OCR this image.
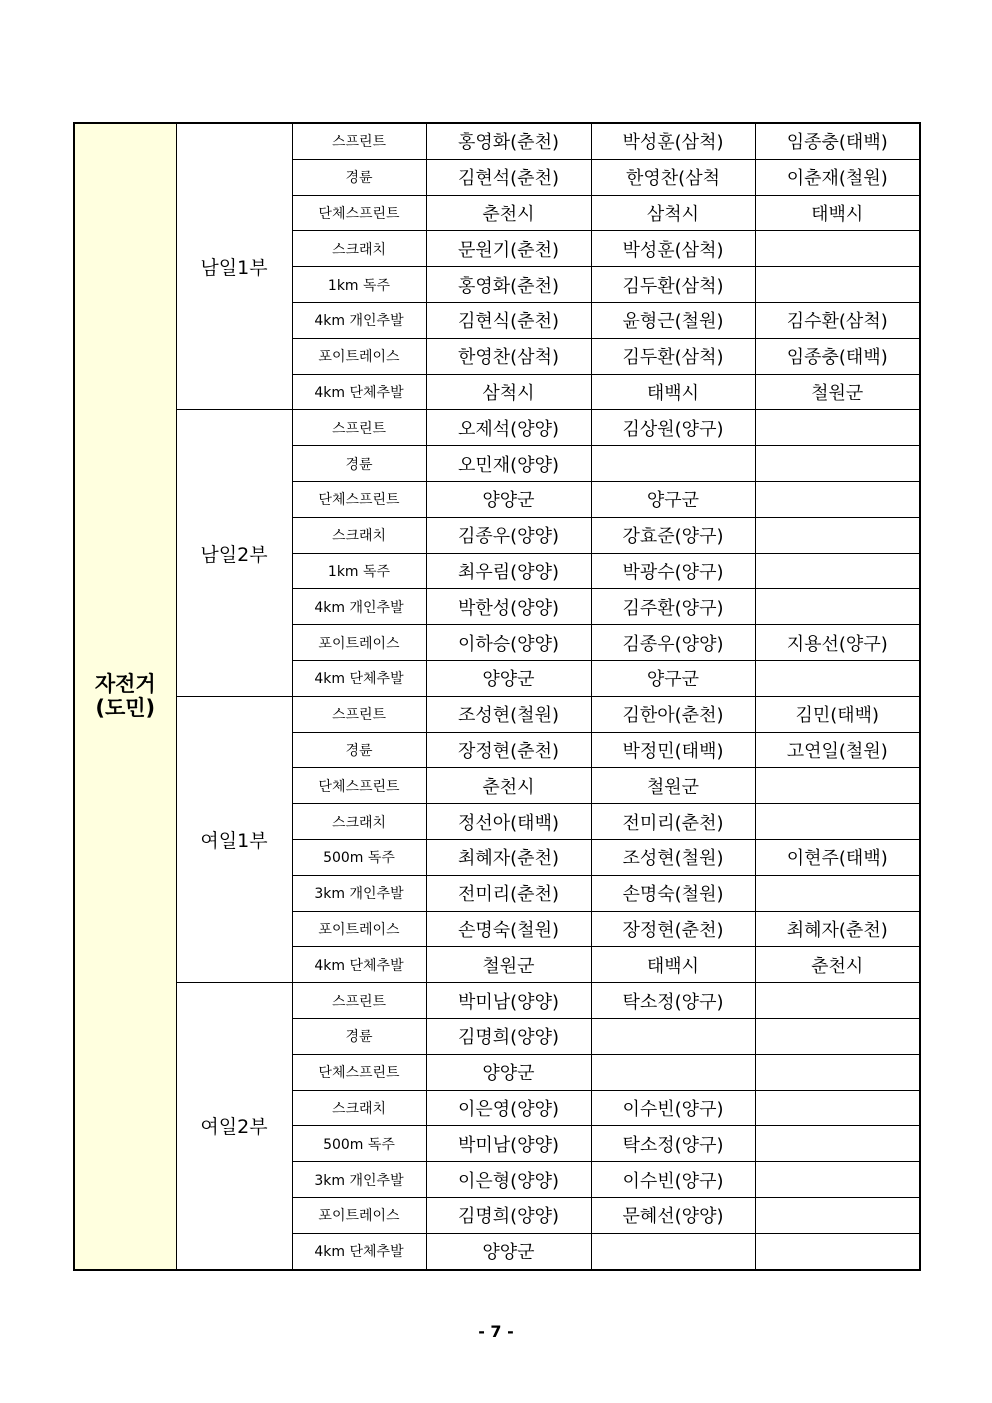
자전거
(도민)	남일1부	스프린트	홍영화(춘천)	박성훈(삼척)	임종충(태백)
		경륜	김현석(춘천)	한영찬(삼척	이춘재(철원)
		단체스프린트	춘천시	삼척시	태백시
		스크래치	문원기(춘천)	박성훈(삼척)	
		1km 독주	홍영화(춘천)	김두환(삼척)	
		4km 개인추발	김현식(춘천)	윤형근(철원)	김수환(삼척)
		포이트레이스	한영찬(삼척)	김두환(삼척)	임종충(태백)
		4km 단체추발	삼척시	태백시	철원군
	남일2부	스프린트	오제석(양양)	김상원(양구)	
		경륜	오민재(양양)		
		단체스프린트	양양군	양구군	
		스크래치	김종우(양양)	강효준(양구)	
		1km 독주	최우림(양양)	박광수(양구)	
		4km 개인추발	박한성(양양)	김주환(양구)	
		포이트레이스	이하승(양양)	김종우(양양)	지용선(양구)
		4km 단체추발	양양군	양구군	
	여일1부	스프린트	조성현(철원)	김한아(춘천)	김민(태백)
		경륜	장정현(춘천)	박정민(태백)	고연일(철원)
		단체스프린트	춘천시	철원군	
		스크래치	정선아(태백)	전미리(춘천)	
		500m 독주	최혜자(춘천)	조성현(철원)	이현주(태백)
		3km 개인추발	전미리(춘천)	손명숙(철원)	
		포이트레이스	손명숙(철원)	장정현(춘천)	최혜자(춘천)
		4km 단체추발	철원군	태백시	춘천시
	여일2부	스프린트	박미남(양양)	탁소정(양구)	
		경륜	김명희(양양)		
		단체스프린트	양양군		
		스크래치	이은영(양양)	이수빈(양구)	
		500m 독주	박미남(양양)	탁소정(양구)	
		3km 개인추발	이은형(양양)	이수빈(양구)	
		포이트레이스	김명희(양양)	문혜선(양양)	
		4km 단체추발	양양군		
- 7 -
